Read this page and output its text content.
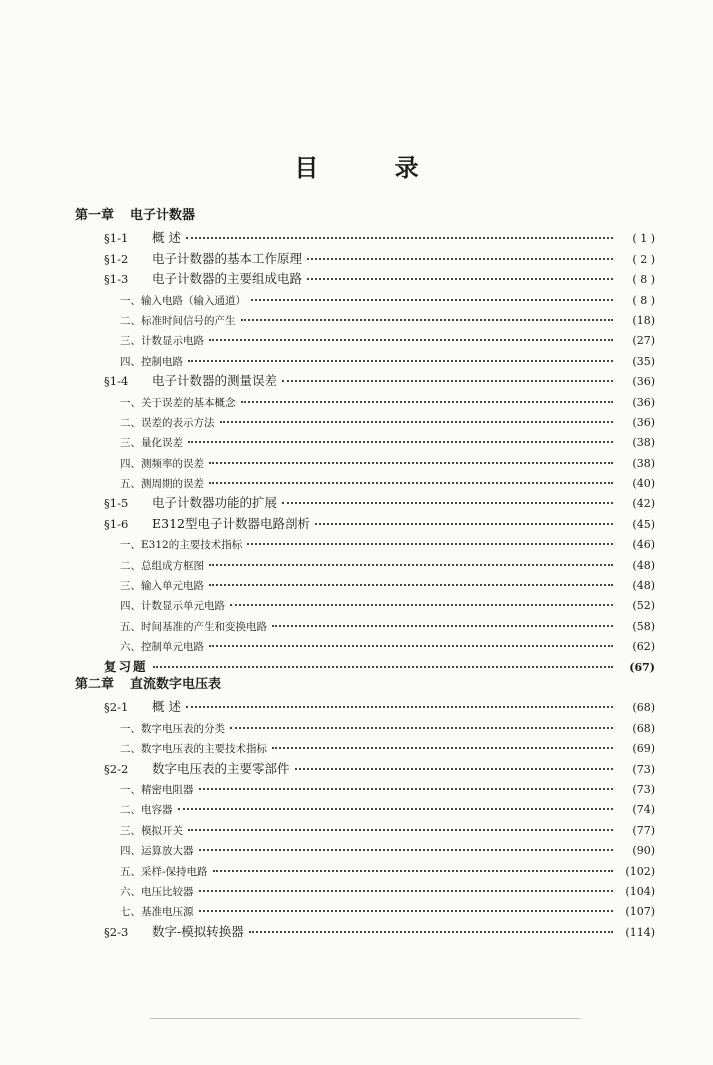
目 录
第一章 电子计数器
§1-1 概 述	( 1 )
§1-2 电子计数器的基本工作原理	( 2 )
§1-3 电子计数器的主要组成电路	( 8 )
一、输入电路（输入通道）	( 8 )
二、标准时间信号的产生	(18)
三、计数显示电路	(27)
四、控制电路	(35)
§1-4 电子计数器的测量误差	(36)
一、关于误差的基本概念	(36)
二、误差的表示方法	(36)
三、量化误差	(38)
四、测频率的误差	(38)
五、测周期的误差	(40)
§1-5 电子计数器功能的扩展	(42)
§1-6 E312型电子计数器电路剖析	(45)
一、E312的主要技术指标	(46)
二、总组成方框图	(48)
三、输入单元电路	(48)
四、计数显示单元电路	(52)
五、时间基准的产生和变换电路	(58)
六、控制单元电路	(62)
复习题	(67)
第二章 直流数字电压表
§2-1 概 述	(68)
一、数字电压表的分类	(68)
二、数字电压表的主要技术指标	(69)
§2-2 数字电压表的主要零部件	(73)
一、精密电阻器	(73)
二、电容器	(74)
三、模拟开关	(77)
四、运算放大器	(90)
五、采样-保持电路	(102)
六、电压比较器	(104)
七、基准电压源	(107)
§2-3 数字-模拟转换器	(114)
